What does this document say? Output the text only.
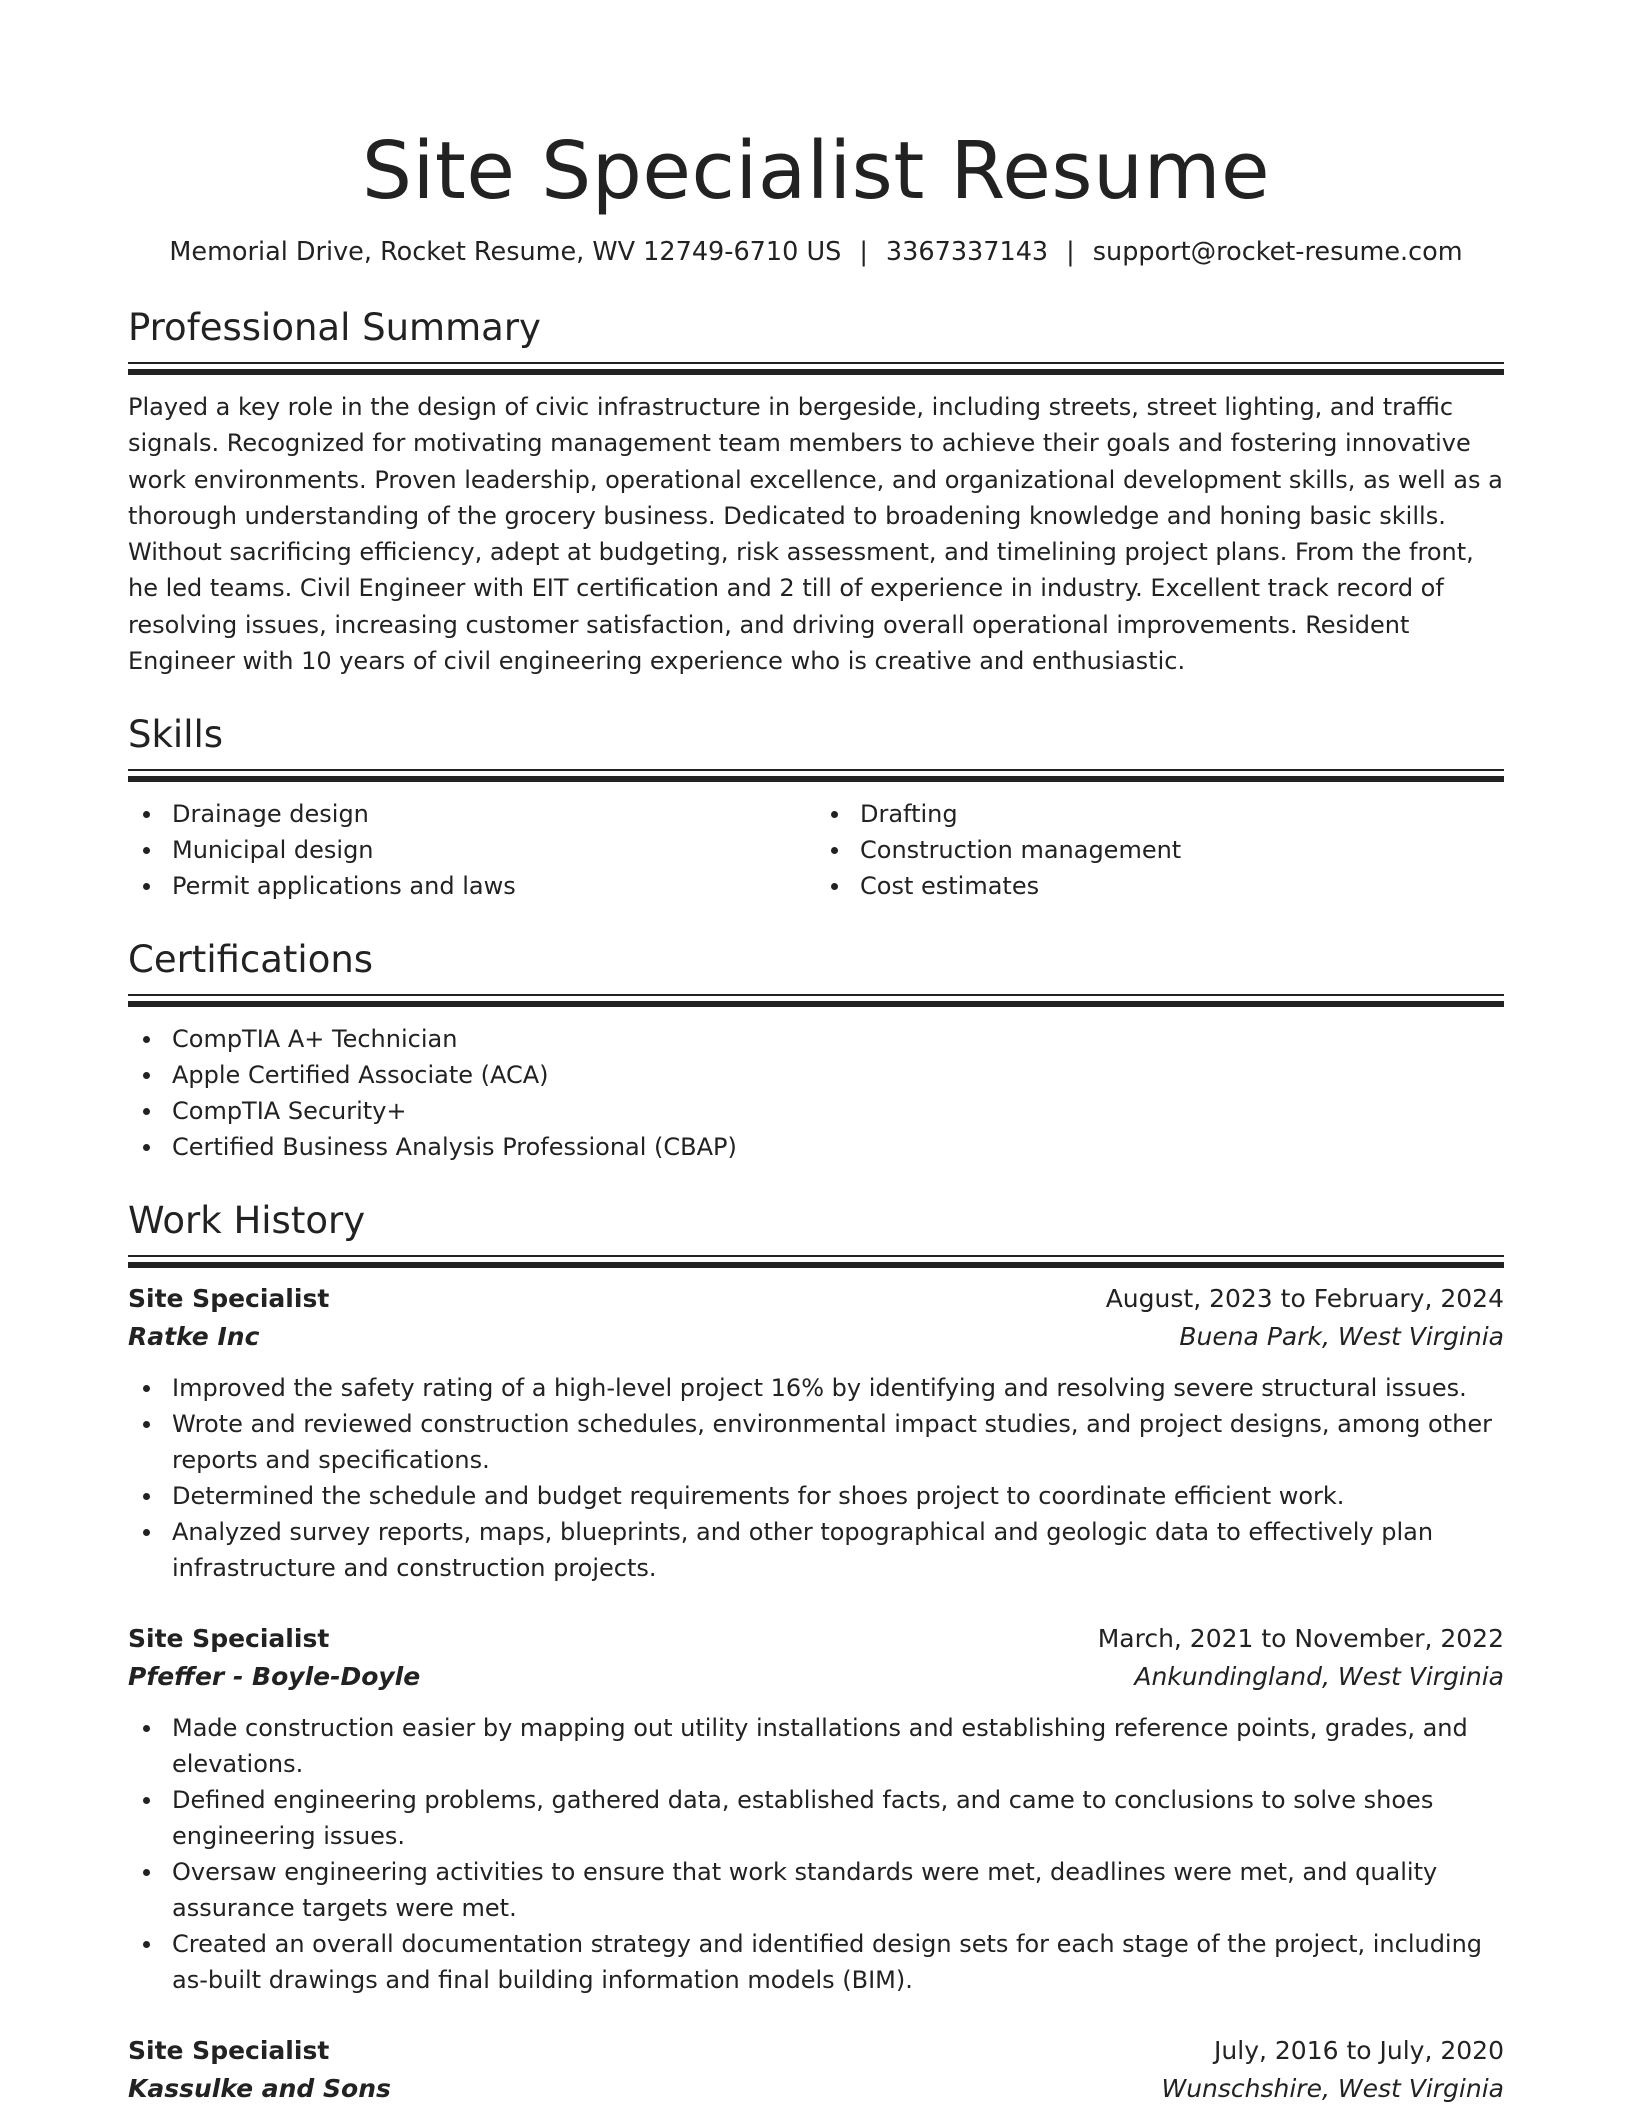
Site Specialist Resume
Memorial Drive, Rocket Resume, WV 12749-6710 US | 3367337143 | support@rocket-resume.com
Professional Summary

Played a key role in the design of civic infrastructure in bergeside, including streets, street lighting, and traffic signals. Recognized for motivating management team members to achieve their goals and fostering innovative work environments. Proven leadership, operational excellence, and organizational development skills, as well as a thorough understanding of the grocery business. Dedicated to broadening knowledge and honing basic skills. Without sacrificing efficiency, adept at budgeting, risk assessment, and timelining project plans. From the front, he led teams. Civil Engineer with EIT certification and 2 till of experience in industry. Excellent track record of resolving issues, increasing customer satisfaction, and driving overall operational improvements. Resident Engineer with 10 years of civil engineering experience who is creative and enthusiastic.

Skills
Drainage design
Municipal design
Permit applications and laws
Drafting
Construction management
Cost estimates
Certifications
CompTIA A+ Technician
Apple Certified Associate (ACA)
CompTIA Security+
Certified Business Analysis Professional (CBAP)
Work History
Site Specialist	August, 2023 to February, 2024
Ratke Inc	Buena Park, West Virginia
Improved the safety rating of a high-level project 16% by identifying and resolving severe structural issues.
Wrote and reviewed construction schedules, environmental impact studies, and project designs, among other reports and specifications.
Determined the schedule and budget requirements for shoes project to coordinate efficient work.
Analyzed survey reports, maps, blueprints, and other topographical and geologic data to effectively plan infrastructure and construction projects.
Site Specialist	March, 2021 to November, 2022
Pfeffer - Boyle-Doyle	Ankundingland, West Virginia
Made construction easier by mapping out utility installations and establishing reference points, grades, and elevations.
Defined engineering problems, gathered data, established facts, and came to conclusions to solve shoes engineering issues.
Oversaw engineering activities to ensure that work standards were met, deadlines were met, and quality assurance targets were met.
Created an overall documentation strategy and identified design sets for each stage of the project, including as-built drawings and final building information models (BIM).
Site Specialist	July, 2016 to July, 2020
Kassulke and Sons	Wunschshire, West Virginia
